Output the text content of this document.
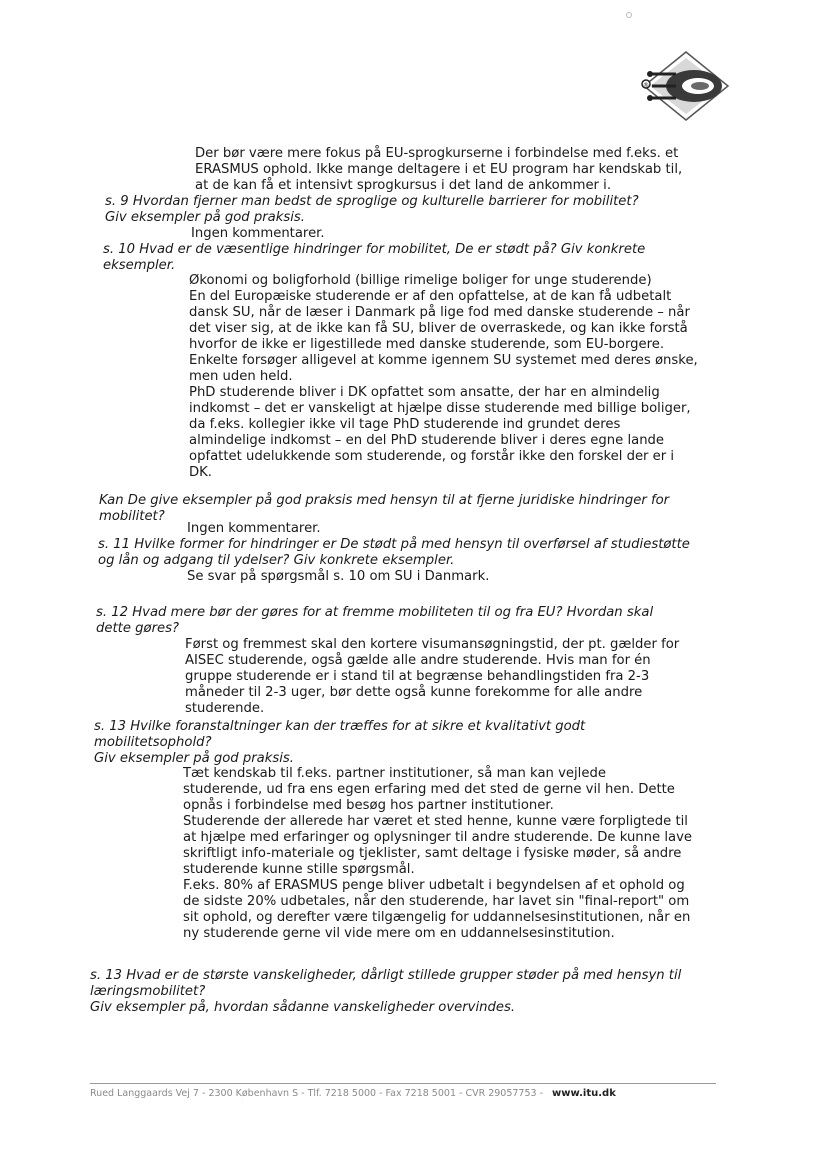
®
Der bør være mere fokus på EU-sprogkurserne i forbindelse med f.eks. et
ERASMUS ophold. Ikke mange deltagere i et EU program har kendskab til,
at de kan få et intensivt sprogkursus i det land de ankommer i.
s. 9 Hvordan fjerner man bedst de sproglige og kulturelle barrierer for mobilitet?
Giv eksempler på god praksis.
Ingen kommentarer.
s. 10 Hvad er de væsentlige hindringer for mobilitet, De er stødt på? Giv konkrete
eksempler.
Økonomi og boligforhold (billige rimelige boliger for unge studerende)
En del Europæiske studerende er af den opfattelse, at de kan få udbetalt
dansk SU, når de læser i Danmark på lige fod med danske studerende – når
det viser sig, at de ikke kan få SU, bliver de overraskede, og kan ikke forstå
hvorfor de ikke er ligestillede med danske studerende, som EU-borgere.
Enkelte forsøger alligevel at komme igennem SU systemet med deres ønske,
men uden held.
PhD studerende bliver i DK opfattet som ansatte, der har en almindelig
indkomst – det er vanskeligt at hjælpe disse studerende med billige boliger,
da f.eks. kollegier ikke vil tage PhD studerende ind grundet deres
almindelige indkomst – en del PhD studerende bliver i deres egne lande
opfattet udelukkende som studerende, og forstår ikke den forskel der er i
DK.
Kan De give eksempler på god praksis med hensyn til at fjerne juridiske hindringer for
mobilitet?
Ingen kommentarer.
s. 11 Hvilke former for hindringer er De stødt på med hensyn til overførsel af studiestøtte
og lån og adgang til ydelser? Giv konkrete eksempler.
Se svar på spørgsmål s. 10 om SU i Danmark.
s. 12 Hvad mere bør der gøres for at fremme mobiliteten til og fra EU? Hvordan skal
dette gøres?
Først og fremmest skal den kortere visumansøgningstid, der pt. gælder for
AISEC studerende, også gælde alle andre studerende. Hvis man for én
gruppe studerende er i stand til at begrænse behandlingstiden fra 2-3
måneder til 2-3 uger, bør dette også kunne forekomme for alle andre
studerende.
s. 13 Hvilke foranstaltninger kan der træffes for at sikre et kvalitativt godt
mobilitetsophold?
Giv eksempler på god praksis.
Tæt kendskab til f.eks. partner institutioner, så man kan vejlede
studerende, ud fra ens egen erfaring med det sted de gerne vil hen. Dette
opnås i forbindelse med besøg hos partner institutioner.
Studerende der allerede har været et sted henne, kunne være forpligtede til
at hjælpe med erfaringer og oplysninger til andre studerende. De kunne lave
skriftligt info-materiale og tjeklister, samt deltage i fysiske møder, så andre
studerende kunne stille spørgsmål.
F.eks. 80% af ERASMUS penge bliver udbetalt i begyndelsen af et ophold og
de sidste 20% udbetales, når den studerende, har lavet sin "final-report" om
sit ophold, og derefter være tilgængelig for uddannelsesinstitutionen, når en
ny studerende gerne vil vide mere om en uddannelsesinstitution.
s. 13 Hvad er de største vanskeligheder, dårligt stillede grupper støder på med hensyn til
læringsmobilitet?
Giv eksempler på, hvordan sådanne vanskeligheder overvindes.
Rued Langgaards Vej 7 - 2300 København S - Tlf. 7218 5000 - Fax 7218 5001 - CVR 29057753 - www.itu.dk
